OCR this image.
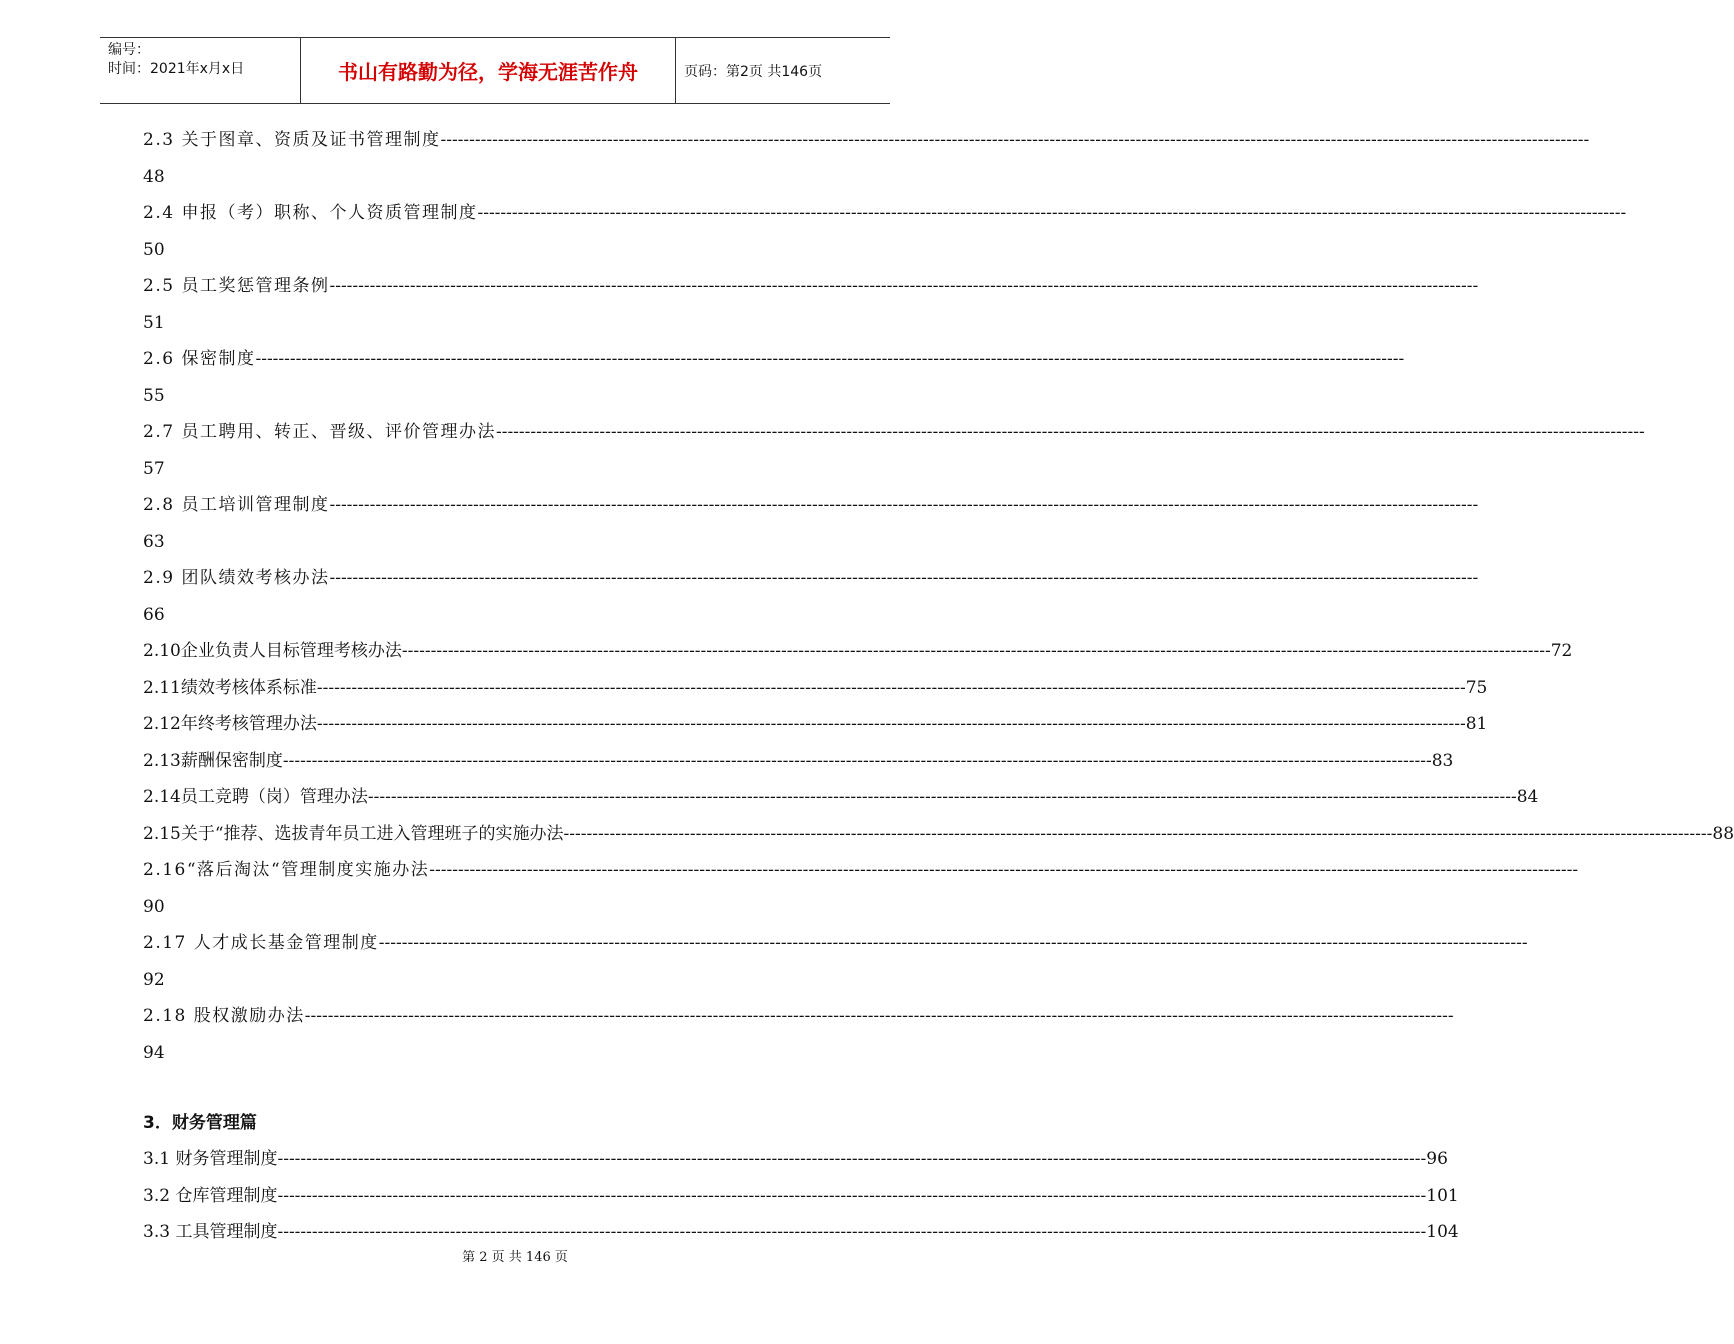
编号：
时间：2021年x月x日	书山有路勤为径，学海无涯苦作舟	页码：第2页 共146页
2.3 关于图章、资质及证书管理制度--------------------------------------------------------------------------------------------------------------------------------------------------------------------------------------------------------
48
2.4 申报（考）职称、个人资质管理制度--------------------------------------------------------------------------------------------------------------------------------------------------------------------------------------------------------
50
2.5 员工奖惩管理条例--------------------------------------------------------------------------------------------------------------------------------------------------------------------------------------------------------
51
2.6 保密制度--------------------------------------------------------------------------------------------------------------------------------------------------------------------------------------------------------
55
2.7 员工聘用、转正、晋级、评价管理办法--------------------------------------------------------------------------------------------------------------------------------------------------------------------------------------------------------
57
2.8 员工培训管理制度--------------------------------------------------------------------------------------------------------------------------------------------------------------------------------------------------------
63
2.9 团队绩效考核办法--------------------------------------------------------------------------------------------------------------------------------------------------------------------------------------------------------
66
2.10企业负责人目标管理考核办法 -------------------------------------------------------------------------------------------------------------------------------------------------------------------------------------------------------- 72
2.11绩效考核体系标准 -------------------------------------------------------------------------------------------------------------------------------------------------------------------------------------------------------- 75
2.12年终考核管理办法 -------------------------------------------------------------------------------------------------------------------------------------------------------------------------------------------------------- 81
2.13薪酬保密制度 -------------------------------------------------------------------------------------------------------------------------------------------------------------------------------------------------------- 83
2.14员工竞聘（岗）管理办法 -------------------------------------------------------------------------------------------------------------------------------------------------------------------------------------------------------- 84
2.15关于“推荐、选拔青年员工进入管理班子的实施办法 -------------------------------------------------------------------------------------------------------------------------------------------------------------------------------------------------------- 88
2.16“落后淘汰“管理制度实施办法--------------------------------------------------------------------------------------------------------------------------------------------------------------------------------------------------------
90
2.17 人才成长基金管理制度--------------------------------------------------------------------------------------------------------------------------------------------------------------------------------------------------------
92
2.18 股权激励办法--------------------------------------------------------------------------------------------------------------------------------------------------------------------------------------------------------
94
3．财务管理篇
3.1 财务管理制度 -------------------------------------------------------------------------------------------------------------------------------------------------------------------------------------------------------- 96
3.2 仓库管理制度 -------------------------------------------------------------------------------------------------------------------------------------------------------------------------------------------------------- 101
3.3 工具管理制度 -------------------------------------------------------------------------------------------------------------------------------------------------------------------------------------------------------- 104
第 2 页 共 146 页
